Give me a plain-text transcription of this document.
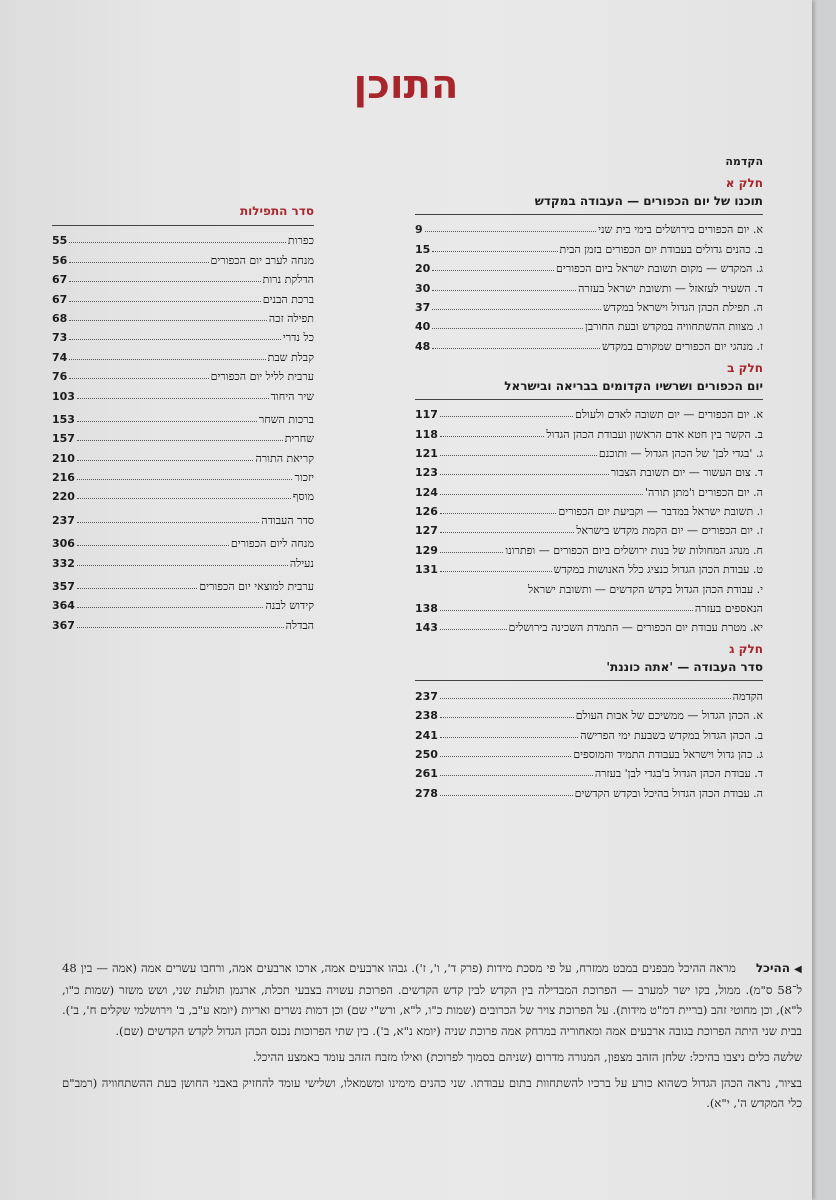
התוכן
הקדמה
חלק א
תוכנו של יום הכפורים — העבודה במקדש
א. יום הכפורים בירושלים בימי בית שני
9
ב. כהנים גדולים בעבודת יום הכפורים בזמן הבית
15
ג. המקדש — מקום תשובת ישראל ביום הכפורים
20
ד. השעיר לעזאזל — ותשובת ישראל בעזרה
30
ה. תפילת הכהן הגדול וישראל במקדש
37
ו. מצוות ההשתחוויה במקדש ובעת החורבן
40
ז. מנהגי יום הכפורים שמקורם במקדש
48
חלק ב
יום הכפורים ושרשיו הקדומים בבריאה ובישראל
א. יום הכפורים — יום תשובה לאדם ולעולם
117
ב. הקשר בין חטא אדם הראשון ועבודת הכהן הגדול
118
ג. 'בגדי לבן' של הכהן הגדול — ותוכנם
121
ד. צום העשור — יום תשובת הצבור
123
ה. יום הכפורים ו'מתן תורה'
124
ו. תשובת ישראל במדבר — וקביעת יום הכפורים
126
ז. יום הכפורים — יום הקמת מקדש בישראל
127
ח. מנהג המחולות של בנות ירושלים ביום הכפורים — ופתרונו
129
ט. עבודת הכהן הגדול כנציג כלל האנושות במקדש
131
י. עבודת הכהן הגדול בקדש הקדשים — ותשובת ישראל
הנאספים בעזרה
138
יא. מטרת עבודת יום הכפורים — התמדת השכינה בירושלים
143
חלק ג
סדר העבודה — 'אתה כוננת'
הקדמה
237
א. הכהן הגדול — ממשיכם של אבות העולם
238
ב. הכהן הגדול במקדש בשבעת ימי הפרישה
241
ג. כהן גדול וישראל בעבודת התמיד והמוספים
250
ד. עבודת הכהן הגדול ב'בגדי לבן' בעזרה
261
ה. עבודת הכהן הגדול בהיכל ובקדש הקדשים
278
סדר התפילות
כפרות
55
מנחה לערב יום הכפורים
56
הדלקת נרות
67
ברכת הבנים
67
תפילה זכה
68
כל נדרי
73
קבלת שבת
74
ערבית לליל יום הכפורים
76
שיר היחוד
103
ברכות השחר
153
שחרית
157
קריאת התורה
210
יזכור
216
מוסף
220
סדר העבודה
237
מנחה ליום הכפורים
306
נעילה
332
ערבית למוצאי יום הכפורים
357
קידוש לבנה
364
הבדלה
367

◀ ההיכל     מראה ההיכל מבפנים במבט ממזרח, על פי מסכת מידות (פרק ד', ו', ז'). גבהו ארבעים אמה, ארכו ארבעים אמה, ורחבו עשרים אמה (אמה — בין 48 ל־58 ס"מ). ממול, בקו ישר למערב — הפרוכת המבדילה בין הקדש לבין קדש הקדשים. הפרוכת עשויה בצבעי תכלת, ארגמן תולעת שני, ושש משזר (שמות כ"ו, ל"א), וכן מחוטי זהב (בריית דמ"ט מידות). על הפרוכת צויר של הכרובים (שמות כ"ו, ל"א, ורש"י שם) וכן דמות נשרים ואריות (יומא ע"ב, ב' וירושלמי שקלים ח', ב'). בבית שני היתה הפרוכת בגובה ארבעים אמה ומאחוריה במרחק אמה פרוכת שניה (יומא נ"א, ב'). בין שתי הפרוכות נכנס הכהן הגדול לקדש הקדשים (שם).

שלשה כלים ניצבו בהיכל: שלחן הזהב מצפון, המנורה מדרום (שניהם בסמוך לפרוכת) ואילו מזבח הזהב עומד באמצע ההיכל.

בציור, נראה הכהן הגדול כשהוא כורע על ברכיו להשתחוות בתום עבודתו. שני כהנים מימינו ומשמאלו, ושלישי עומד להחזיק באבני החושן בעת ההשתחוויה (רמב"ם כלי המקדש ה', י"א).
